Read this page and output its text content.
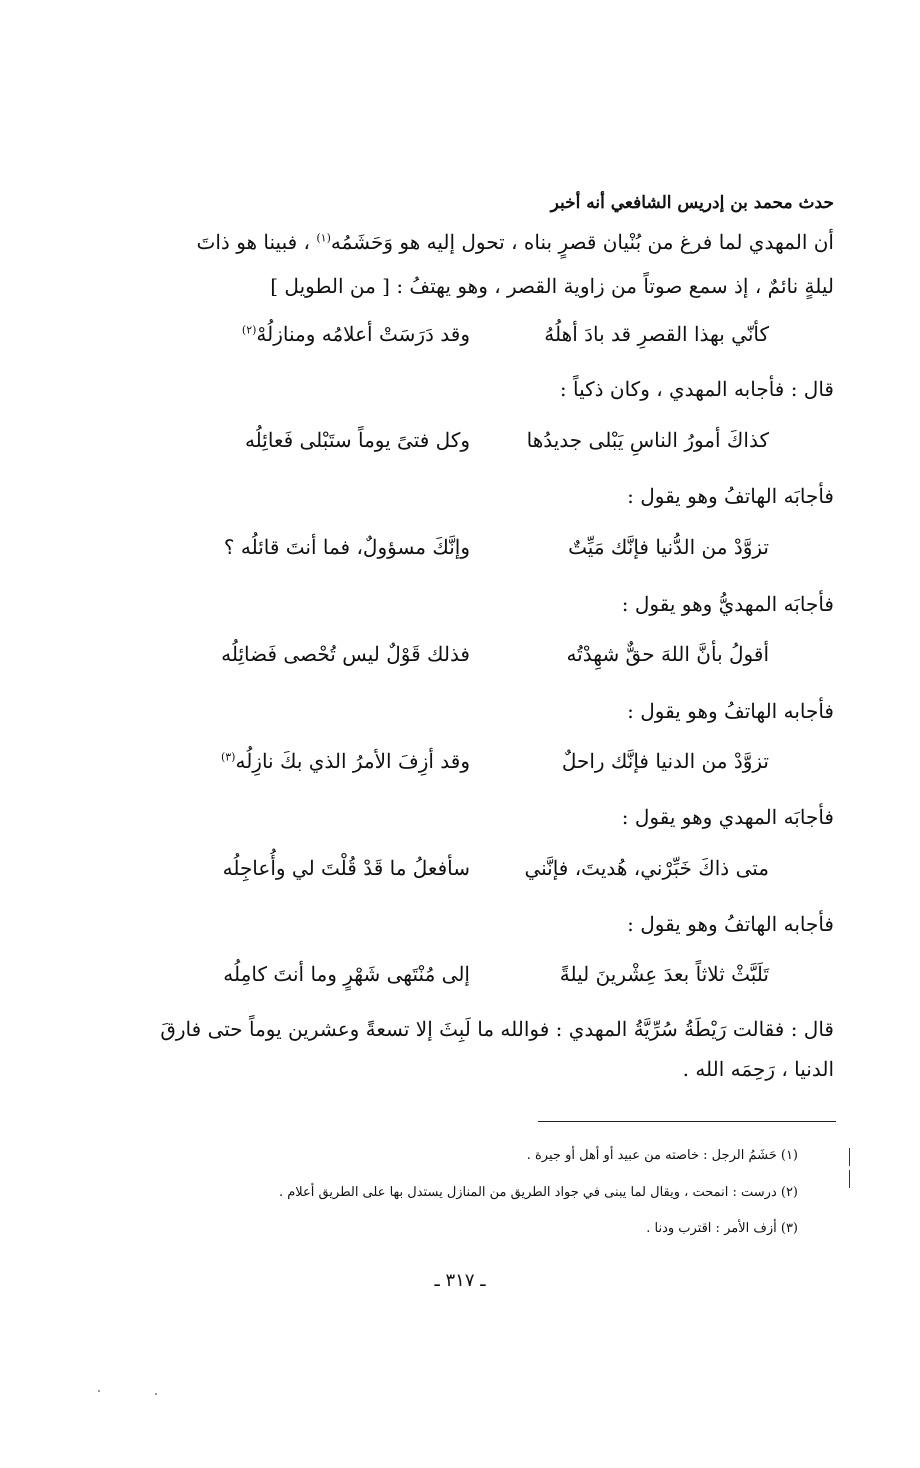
حدث محمد بن إدريس الشافعي أنه أخبر
أن المهدي لما فرغ من بُنْيان قصرٍ بناه ، تحول إليه هو وَحَشَمُه$^{(١)}$ ، فبينا هو ذاتَ
ليلةٍ نائمٌ ، إذ سمع صوتاً من زاوية القصر ، وهو يهتفُ : [ من الطويل ]
كأنّي بهذا القصرِ قد بادَ أهلُهُ
وقد دَرَسَتْ أعلامُه ومنازلُهْ$^{(٢)}$
قال : فأجابه المهدي ، وكان ذكياً :
كذاكَ أمورُ الناسِ يَبْلى جديدُها
وكل فتىً يوماً ستَبْلى فَعائِلُه
فأجابَه الهاتفُ وهو يقول :
تزوَّدْ من الدُّنيا فإنَّك مَيِّتٌ
وإنَّكَ مسؤولٌ، فما أنتَ قائلُه ؟
فأجابَه المهديُّ وهو يقول :
أقولُ بأنَّ اللهَ حقٌّ شهِدْتُه
فذلك قَوْلٌ ليس تُحْصى فَضائِلُه
فأجابه الهاتفُ وهو يقول :
تزوَّدْ من الدنيا فإنَّك راحلٌ
وقد أزِفَ الأمرُ الذي بكَ نازِلُه$^{(٣)}$
فأجابَه المهدي وهو يقول :
متى ذاكَ خَبِّرْني، هُديتَ، فإنَّني
سأفعلُ ما قَدْ قُلْتَ لي وأُعاجِلُه
فأجابه الهاتفُ وهو يقول :
تَلَبَّثْ ثلاثاً بعدَ عِشْرينَ ليلةً
إلى مُنْتَهى شَهْرٍ وما أنتَ كامِلُه
قال : فقالت رَيْطَةُ سُرِّيَّةُ المهدي : فوالله ما لَبِثَ إلا تسعةً وعشرين يوماً حتى فارقَ
الدنيا ، رَحِمَه الله .
(١) حَشَمُ الرجل : خاصته من عبيد أو أهل أو جيرة .
(٢) درست : انمحت ، ويقال لما يبنى في جواد الطريق من المنازل يستدل بها على الطريق أعلام .
(٣) أزف الأمر : اقترب ودنا .
ـ ٣١٧ ـ
